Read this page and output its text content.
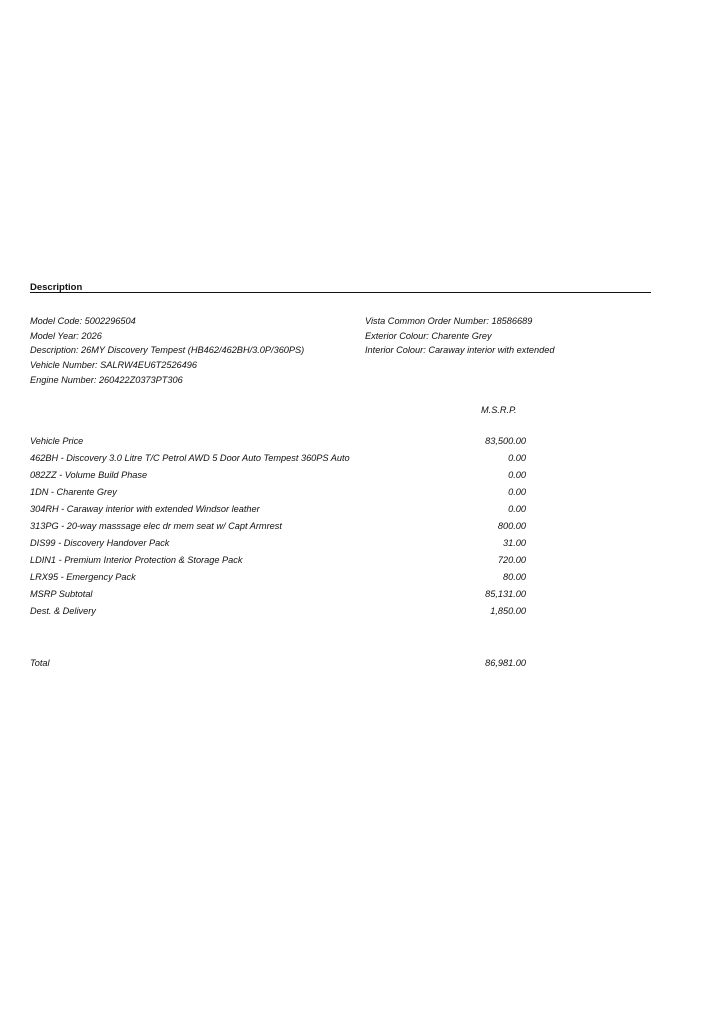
Description
Model Code: 5002296504
Model Year: 2026
Description: 26MY Discovery Tempest (HB462/462BH/3.0P/360PS)
Vehicle Number: SALRW4EU6T2526496
Engine Number: 260422Z0373PT306
Vista Common Order Number: 18586689
Exterior Colour: Charente Grey
Interior Colour: Caraway interior with extended
M.S.R.P.
Vehicle Price	83,500.00
462BH - Discovery 3.0 Litre T/C Petrol AWD 5 Door Auto Tempest 360PS Auto	0.00
082ZZ - Volume Build Phase	0.00
1DN - Charente Grey	0.00
304RH - Caraway interior with extended Windsor leather	0.00
313PG - 20-way masssage elec dr mem seat w/ Capt Armrest	800.00
DIS99 - Discovery Handover Pack	31.00
LDIN1 - Premium Interior Protection & Storage Pack	720.00
LRX95 - Emergency Pack	80.00
MSRP Subtotal	85,131.00
Dest. & Delivery	1,850.00
Total	86,981.00
